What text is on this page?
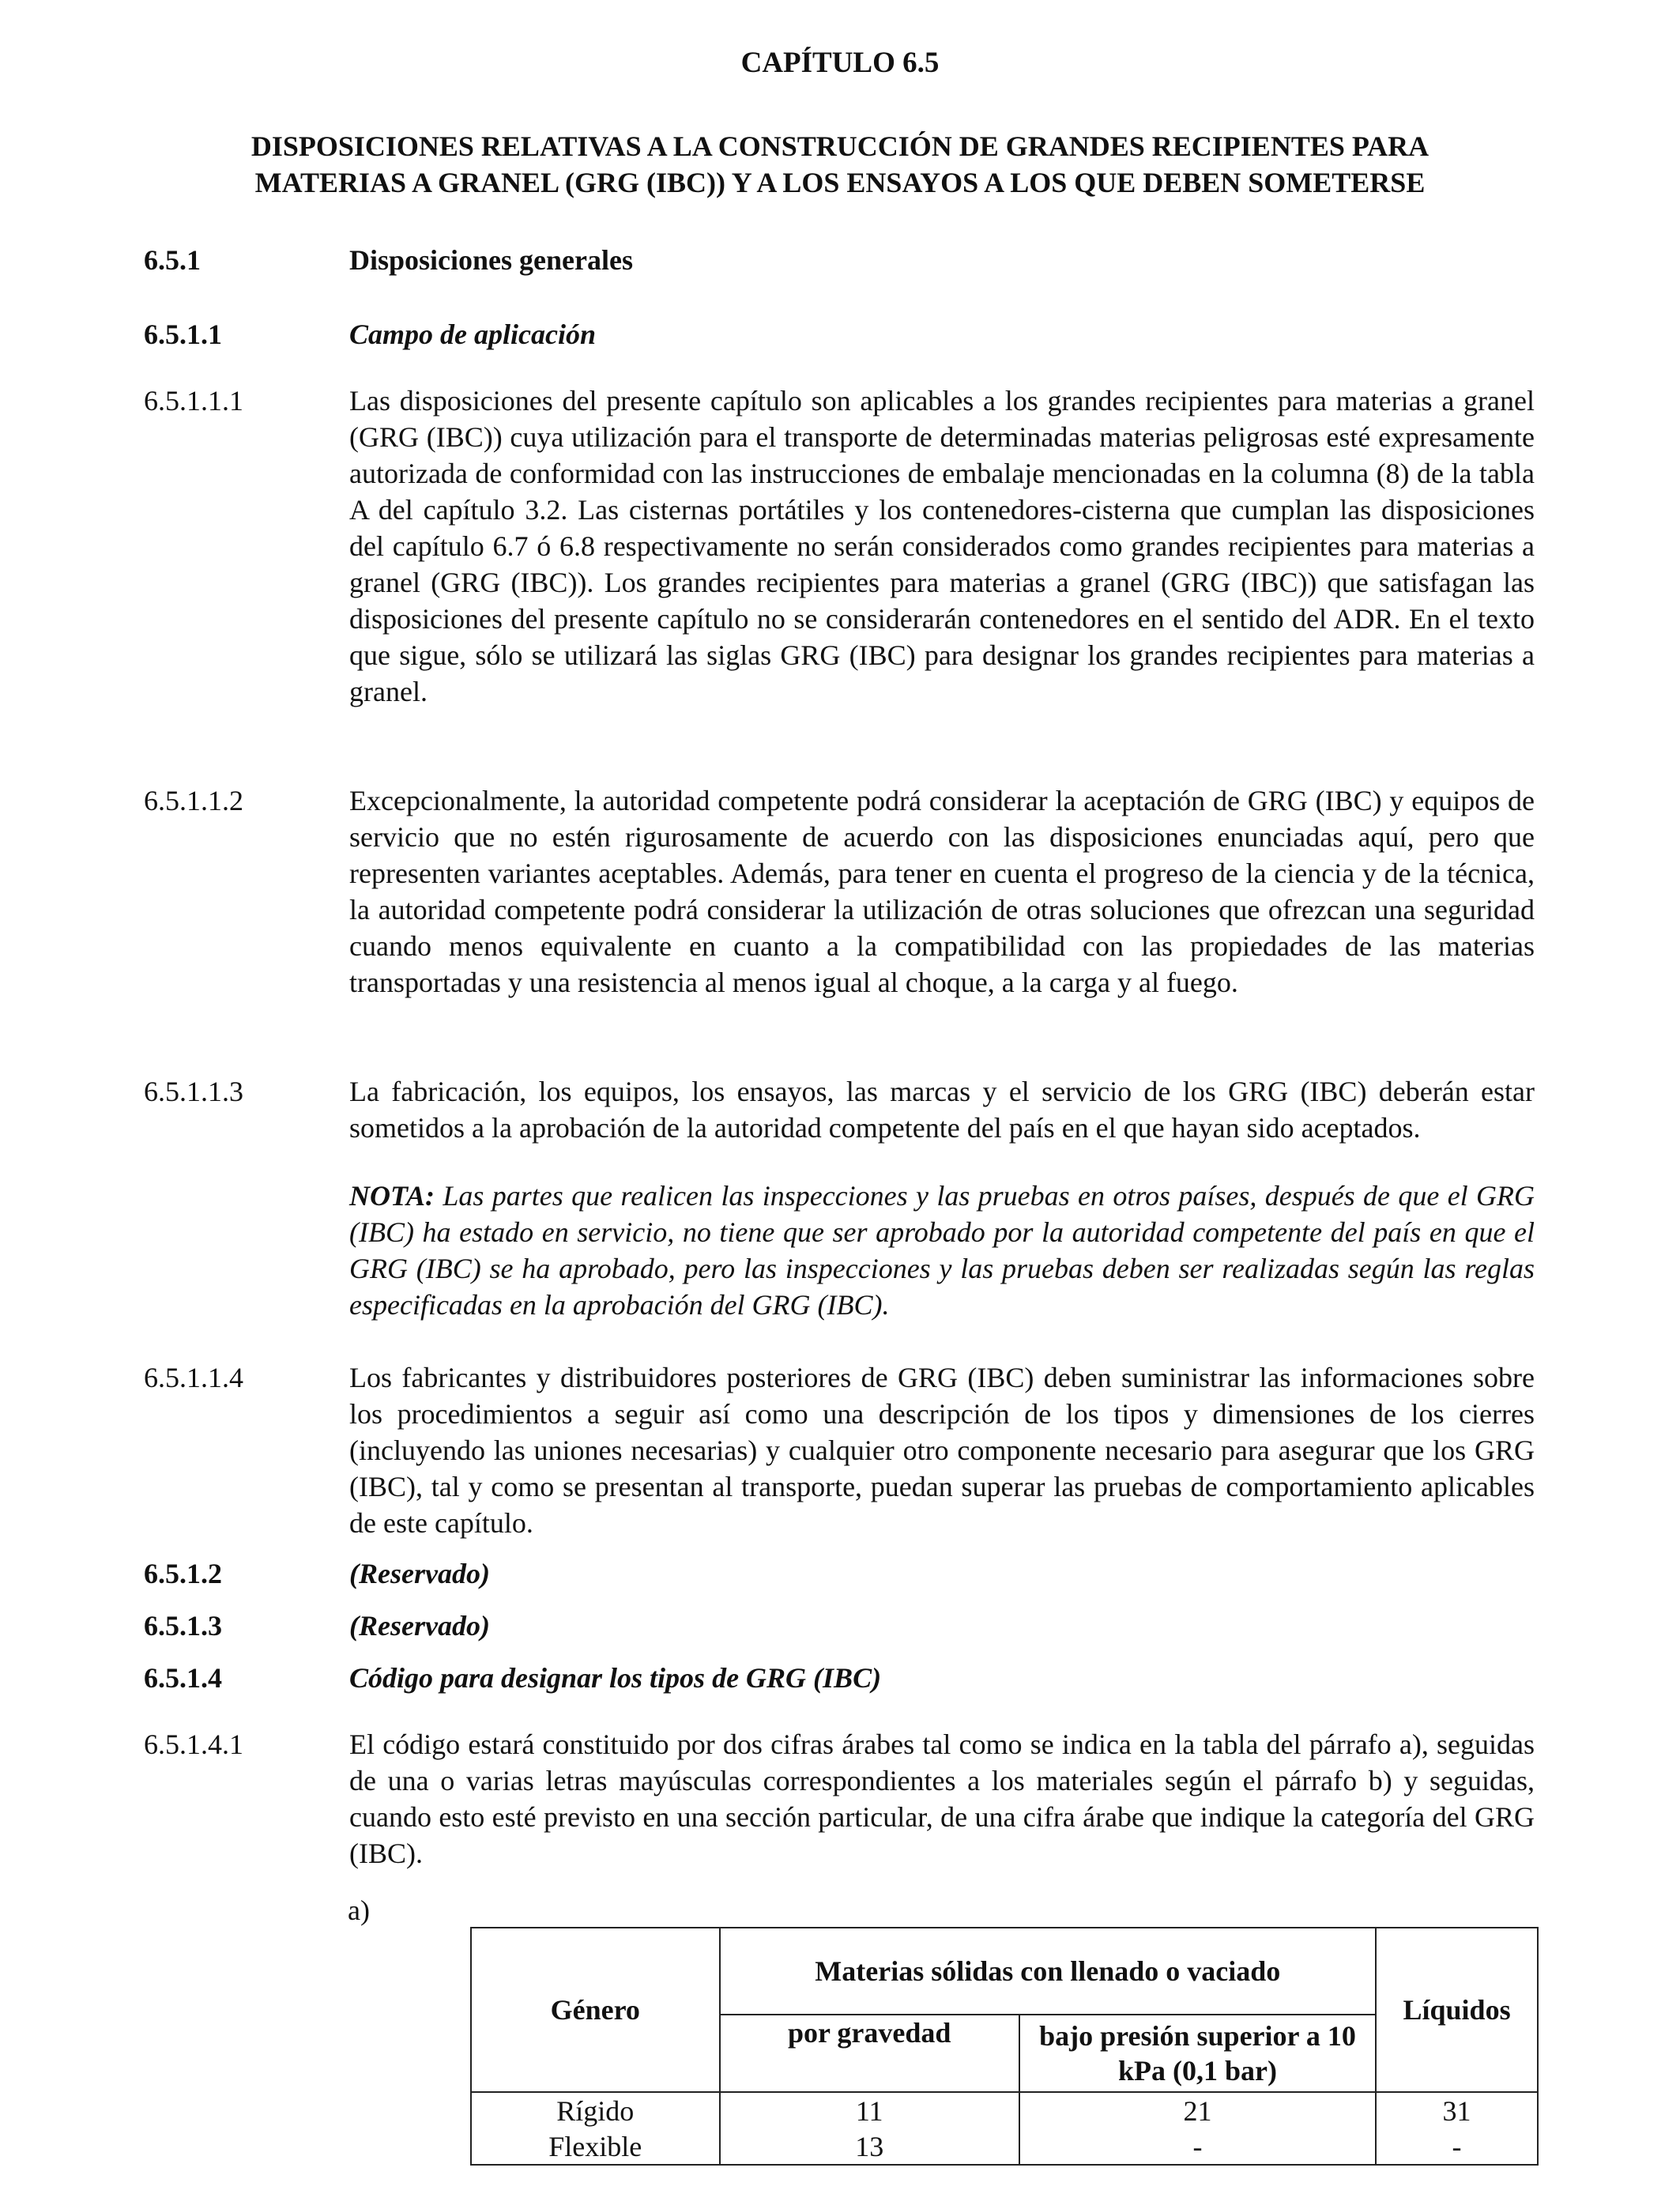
CAPÍTULO 6.5
DISPOSICIONES RELATIVAS A LA CONSTRUCCIÓN DE GRANDES RECIPIENTES PARA
MATERIAS A GRANEL (GRG (IBC)) Y A LOS ENSAYOS A LOS QUE DEBEN SOMETERSE
6.5.1	Disposiciones generales
6.5.1.1	Campo de aplicación
6.5.1.1.1	Las disposiciones del presente capítulo son aplicables a los grandes recipientes para materias a granel (GRG (IBC)) cuya utilización para el transporte de determinadas materias peligrosas esté expresamente autorizada de conformidad con las instrucciones de embalaje mencionadas en la columna (8) de la tabla A del capítulo 3.2. Las cisternas portátiles y los contenedores-cisterna que cumplan las disposiciones del capítulo 6.7 ó 6.8 respectivamente no serán considerados como grandes recipientes para materias a granel (GRG (IBC)). Los grandes recipientes para materias a granel (GRG (IBC)) que satisfagan las disposiciones del presente capítulo no se considerarán contenedores en el sentido del ADR. En el texto que sigue, sólo se utilizará las siglas GRG (IBC) para designar los grandes recipientes para materias a granel.
6.5.1.1.2	Excepcionalmente, la autoridad competente podrá considerar la aceptación de GRG (IBC) y equipos de servicio que no estén rigurosamente de acuerdo con las disposiciones enunciadas aquí, pero que representen variantes aceptables. Además, para tener en cuenta el progreso de la ciencia y de la técnica, la autoridad competente podrá considerar la utilización de otras soluciones que ofrezcan una seguridad cuando menos equivalente en cuanto a la compatibilidad con las propiedades de las materias transportadas y una resistencia al menos igual al choque, a la carga y al fuego.
6.5.1.1.3	La fabricación, los equipos, los ensayos, las marcas y el servicio de los GRG (IBC) deberán estar sometidos a la aprobación de la autoridad competente del país en el que hayan sido aceptados.
NOTA: Las partes que realicen las inspecciones y las pruebas en otros países, después de que el GRG (IBC) ha estado en servicio, no tiene que ser aprobado por la autoridad competente del país en que el GRG (IBC) se ha aprobado, pero las inspecciones y las pruebas deben ser realizadas según las reglas especificadas en la aprobación del GRG (IBC).
6.5.1.1.4	Los fabricantes y distribuidores posteriores de GRG (IBC) deben suministrar las informaciones sobre los procedimientos a seguir así como una descripción de los tipos y dimensiones de los cierres (incluyendo las uniones necesarias) y cualquier otro componente necesario para asegurar que los GRG (IBC), tal y como se presentan al transporte, puedan superar las pruebas de comportamiento aplicables de este capítulo.
6.5.1.2	(Reservado)
6.5.1.3	(Reservado)
6.5.1.4	Código para designar los tipos de GRG (IBC)
6.5.1.4.1	El código estará constituido por dos cifras árabes tal como se indica en la tabla del párrafo a), seguidas de una o varias letras mayúsculas correspondientes a los materiales según el párrafo b) y seguidas, cuando esto esté previsto en una sección particular, de una cifra árabe que indique la categoría del GRG (IBC).
a)
Género	Materias sólidas con llenado o vaciado		Líquidos
	por gravedad	bajo presión superior a 10 kPa (0,1 bar)	
Rígido	11	21	31
Flexible	13	-	-
